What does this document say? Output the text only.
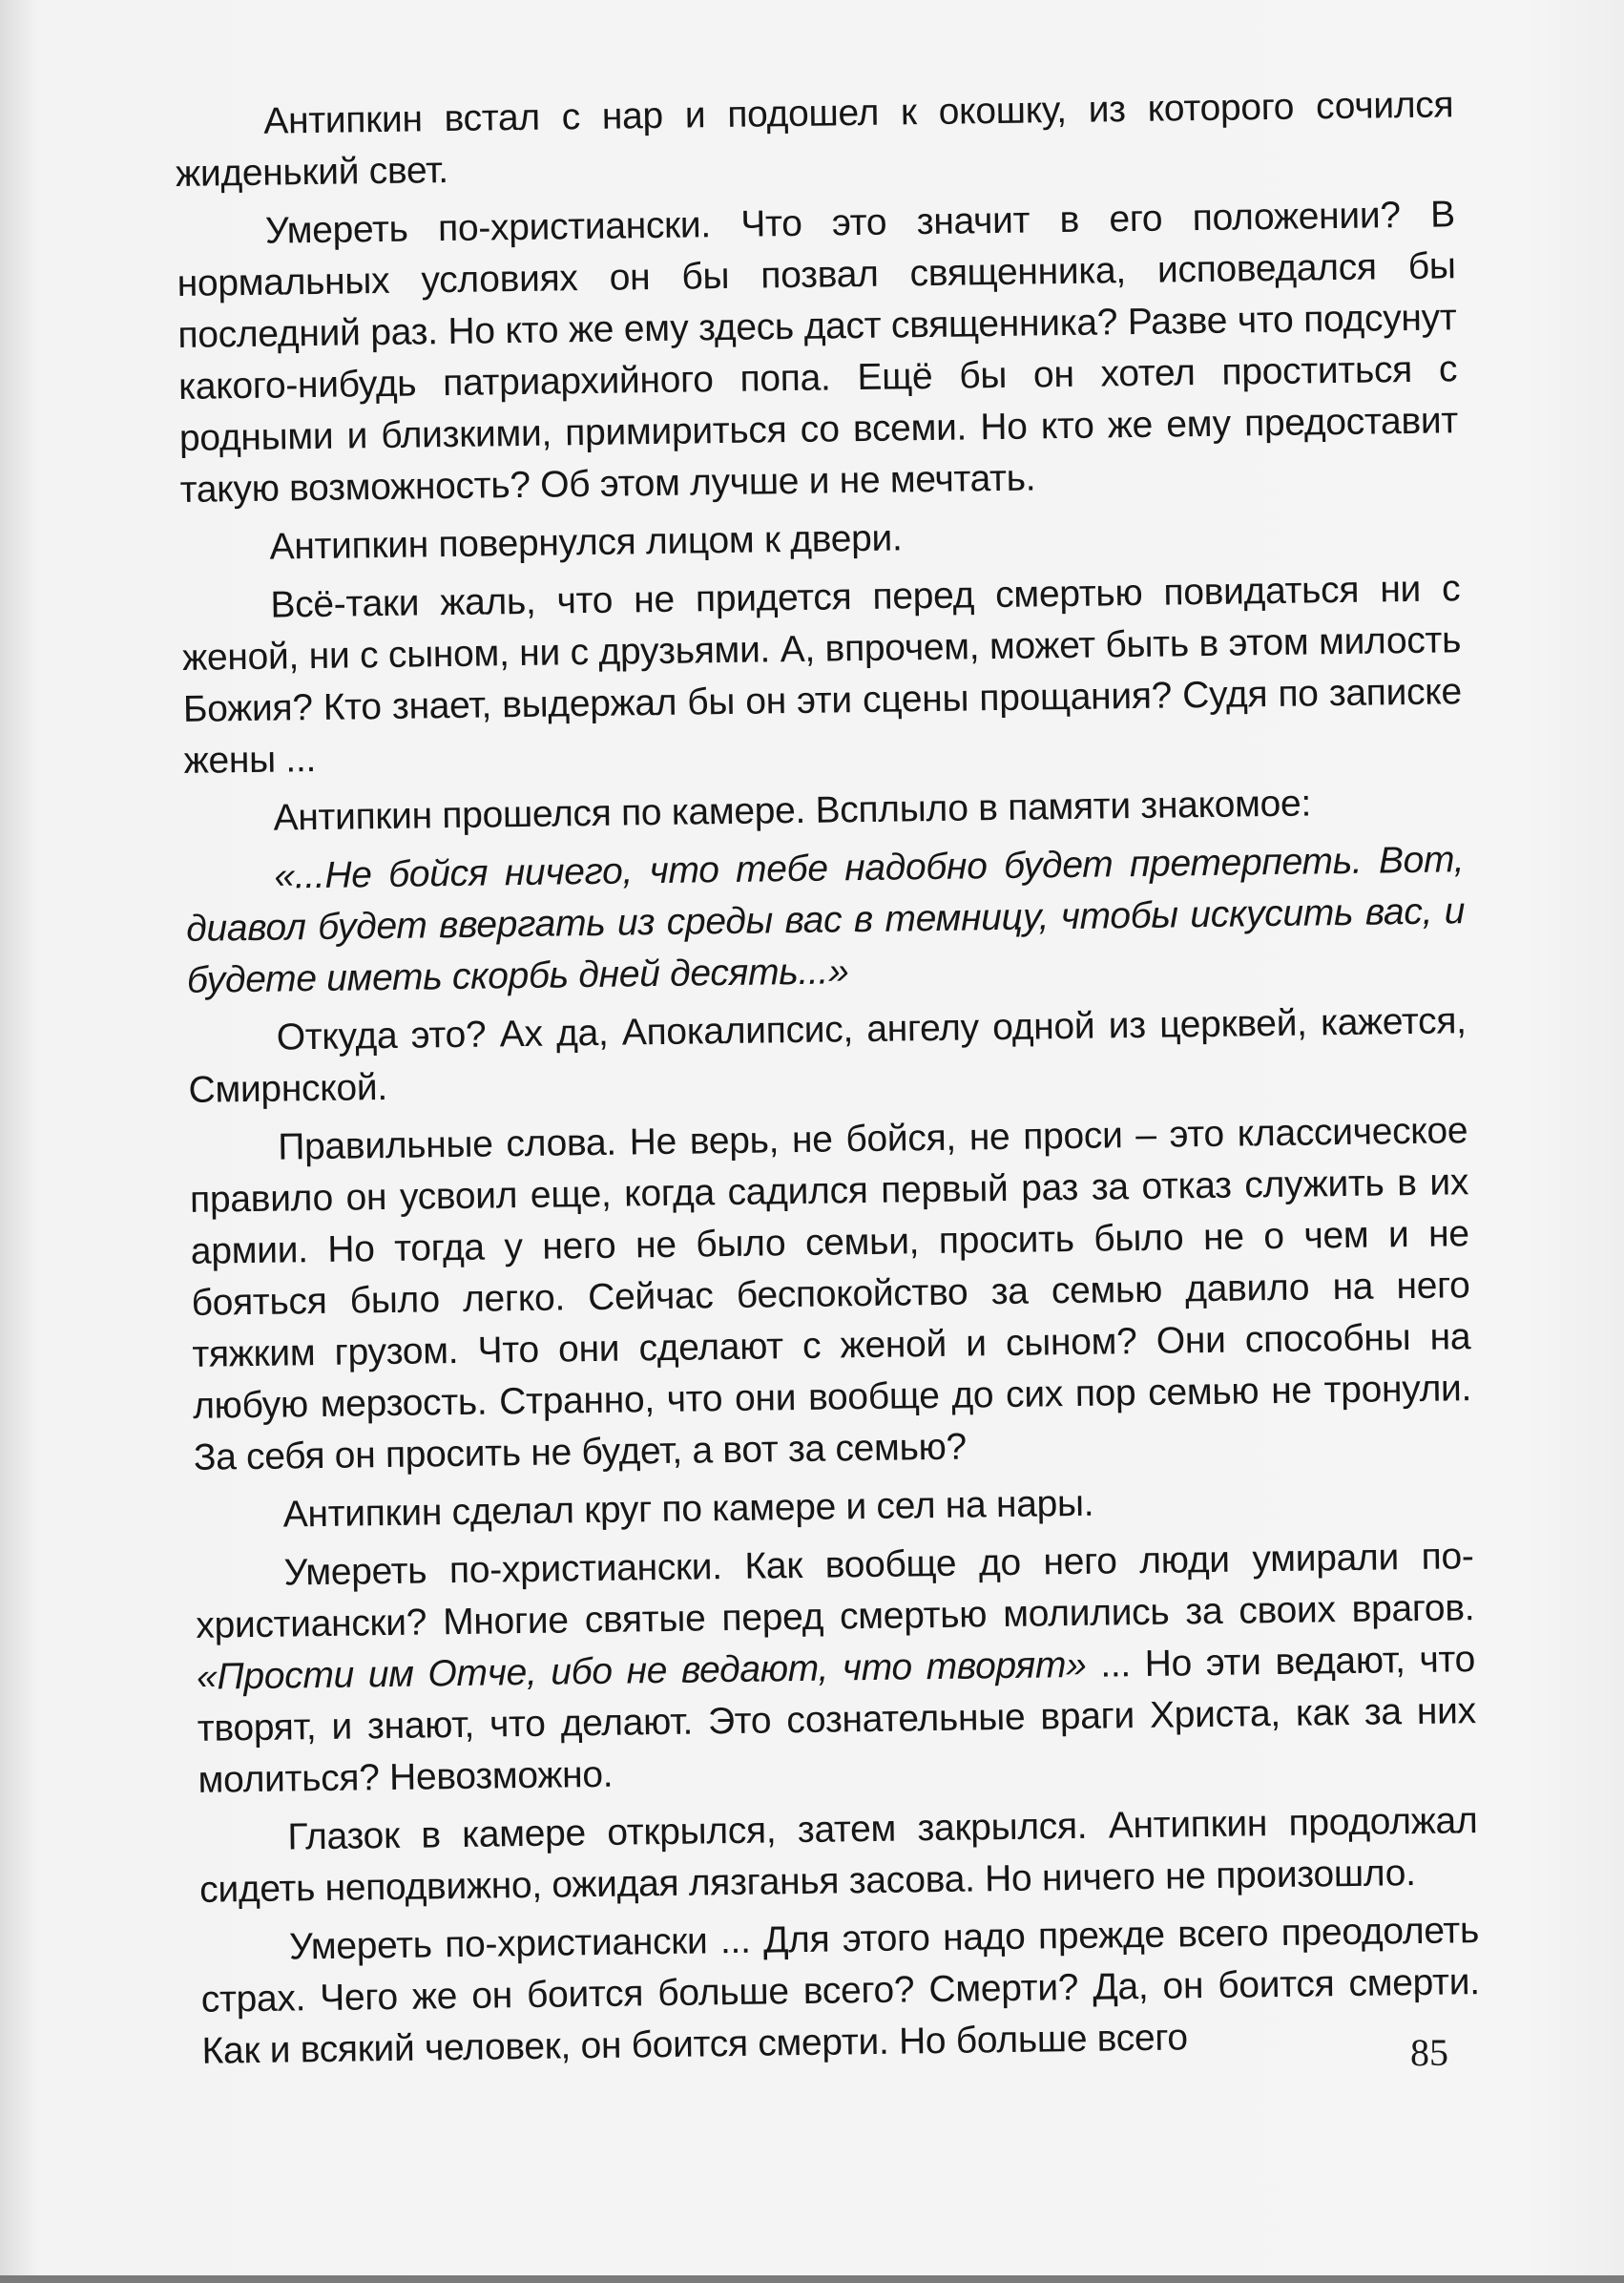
Антипкин встал с нар и подошел к окошку, из которого сочился жиденький свет.

Умереть по-христиански. Что это значит в его положении? В нормальных условиях он бы позвал священника, исповедался бы последний раз. Но кто же ему здесь даст священника? Разве что подсунут какого-нибудь патриархийного попа. Ещё бы он хотел проститься с родными и близкими, примириться со всеми. Но кто же ему предоставит такую возможность? Об этом лучше и не мечтать.

Антипкин повернулся лицом к двери.

Всё-таки жаль, что не придется перед смертью повидаться ни с женой, ни с сыном, ни с друзьями. А, впрочем, может быть в этом милость Божия? Кто знает, выдержал бы он эти сцены прощания? Судя по записке жены ...

Антипкин прошелся по камере. Всплыло в памяти знакомое:

«...Не бойся ничего, что тебе надобно будет претерпеть. Вот, диавол будет ввергать из среды вас в темницу, чтобы искусить вас, и будете иметь скорбь дней десять...»

Откуда это? Ах да, Апокалипсис, ангелу одной из церквей, кажется, Смирнской.

Правильные слова. Не верь, не бойся, не проси – это классическое правило он усвоил еще, когда садился первый раз за отказ служить в их армии. Но тогда у него не было семьи, просить было не о чем и не бояться было легко. Сейчас беспокойство за семью давило на него тяжким грузом. Что они сделают с женой и сыном? Они способны на любую мерзость. Странно, что они вообще до сих пор семью не тронули. За себя он просить не будет, а вот за семью?

Антипкин сделал круг по камере и сел на нары.

Умереть по-христиански. Как вообще до него люди умирали по-христиански? Многие святые перед смертью молились за своих врагов. «Прости им Отче, ибо не ведают, что творят» ... Но эти ведают, что творят, и знают, что делают. Это сознательные враги Христа, как за них молиться? Невозможно.

Глазок в камере открылся, затем закрылся. Антипкин продолжал сидеть неподвижно, ожидая лязганья засова. Но ничего не произошло.

Умереть по-христиански ... Для этого надо прежде всего преодолеть страх. Чего же он боится больше всего? Смерти? Да, он боится смерти. Как и всякий человек, он боится смерти. Но больше всего	85
